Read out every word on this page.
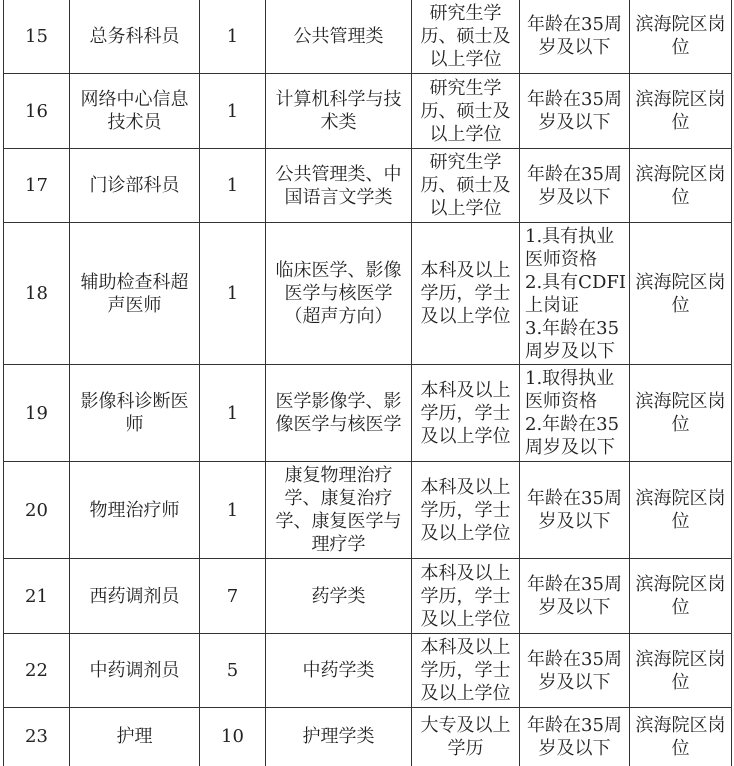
15	总务科科员	1	公共管理类	研究生学历、硕士及以上学位	年龄在35周岁及以下	滨海院区岗位
16	网络中心信息技术员	1	计算机科学与技术类	研究生学历、硕士及以上学位	年龄在35周岁及以下	滨海院区岗位
17	门诊部科员	1	公共管理类、中国语言文学类	研究生学历、硕士及以上学位	年龄在35周岁及以下	滨海院区岗位
18	辅助检查科超声医师	1	临床医学、影像医学与核医学（超声方向）	本科及以上学历，学士及以上学位	1.具有执业医师资格
2.具有CDFI上岗证
3.年龄在35周岁及以下	滨海院区岗位
19	影像科诊断医师	1	医学影像学、影像医学与核医学	本科及以上学历，学士及以上学位	1.取得执业医师资格
2.年龄在35周岁及以下	滨海院区岗位
20	物理治疗师	1	康复物理治疗学、康复治疗学、康复医学与理疗学	本科及以上学历，学士及以上学位	年龄在35周岁及以下	滨海院区岗位
21	西药调剂员	7	药学类	本科及以上学历，学士及以上学位	年龄在35周岁及以下	滨海院区岗位
22	中药调剂员	5	中药学类	本科及以上学历，学士及以上学位	年龄在35周岁及以下	滨海院区岗位
23	护理	10	护理学类	大专及以上学历	年龄在35周岁及以下	滨海院区岗位
